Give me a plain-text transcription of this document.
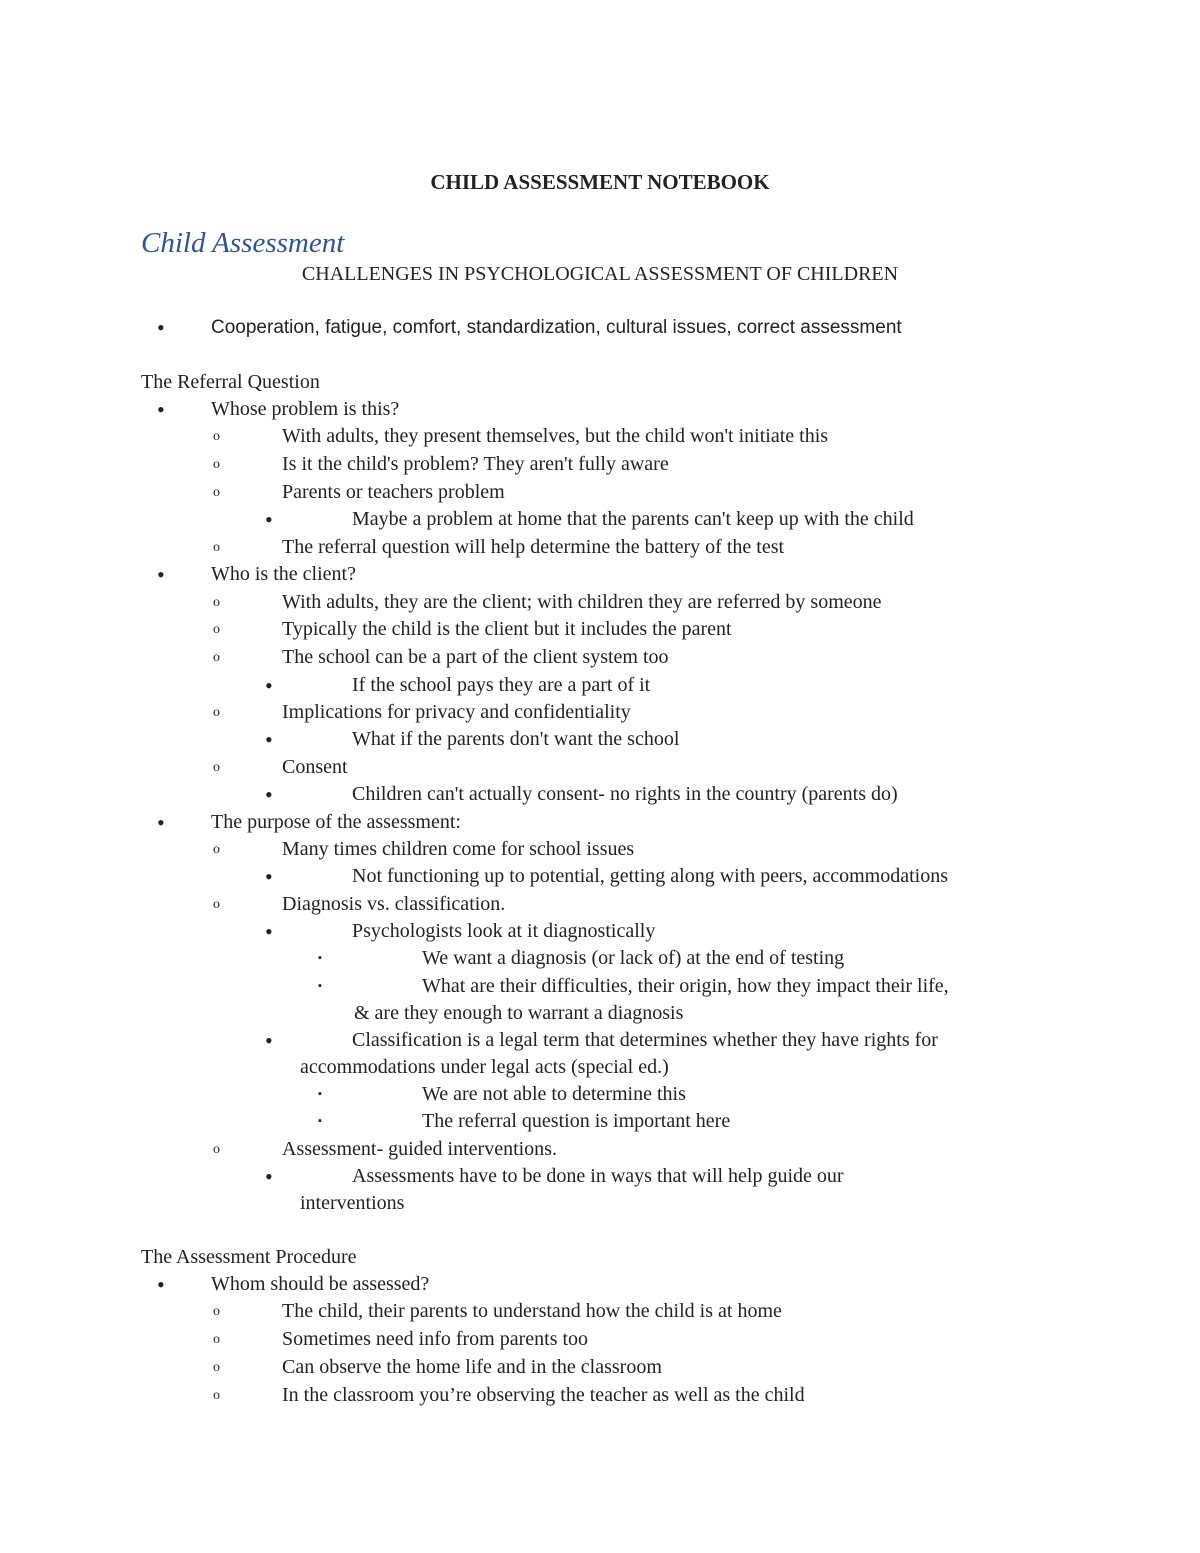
CHILD ASSESSMENT NOTEBOOK
Child Assessment
CHALLENGES IN PSYCHOLOGICAL ASSESSMENT OF CHILDREN
• Cooperation, fatigue, comfort, standardization, cultural issues, correct assessment
The Referral Question
• Whose problem is this?
o	With adults, they present themselves, but the child won't initiate this
o	Is it the child's problem? They aren't fully aware
o	Parents or teachers problem
•	Maybe a problem at home that the parents can't keep up with the child
o	The referral question will help determine the battery of the test
• Who is the client?
o	With adults, they are the client; with children they are referred by someone
o	Typically the child is the client but it includes the parent
o	The school can be a part of the client system too
•	If the school pays they are a part of it
o	Implications for privacy and confidentiality
•	What if the parents don't want the school
o	Consent
•	Children can't actually consent- no rights in the country (parents do)
• The purpose of the assessment:
o	Many times children come for school issues
•	Not functioning up to potential, getting along with peers, accommodations
o	Diagnosis vs. classification.
•	Psychologists look at it diagnostically
▪	We want a diagnosis (or lack of) at the end of testing
▪	What are their difficulties, their origin, how they impact their life,
& are they enough to warrant a diagnosis
•	Classification is a legal term that determines whether they have rights for
accommodations under legal acts (special ed.)
▪	We are not able to determine this
▪	The referral question is important here
o	Assessment- guided interventions.
•	Assessments have to be done in ways that will help guide our
interventions
The Assessment Procedure
• Whom should be assessed?
o	The child, their parents to understand how the child is at home
o	Sometimes need info from parents too
o	Can observe the home life and in the classroom
o	In the classroom you’re observing the teacher as well as the child
